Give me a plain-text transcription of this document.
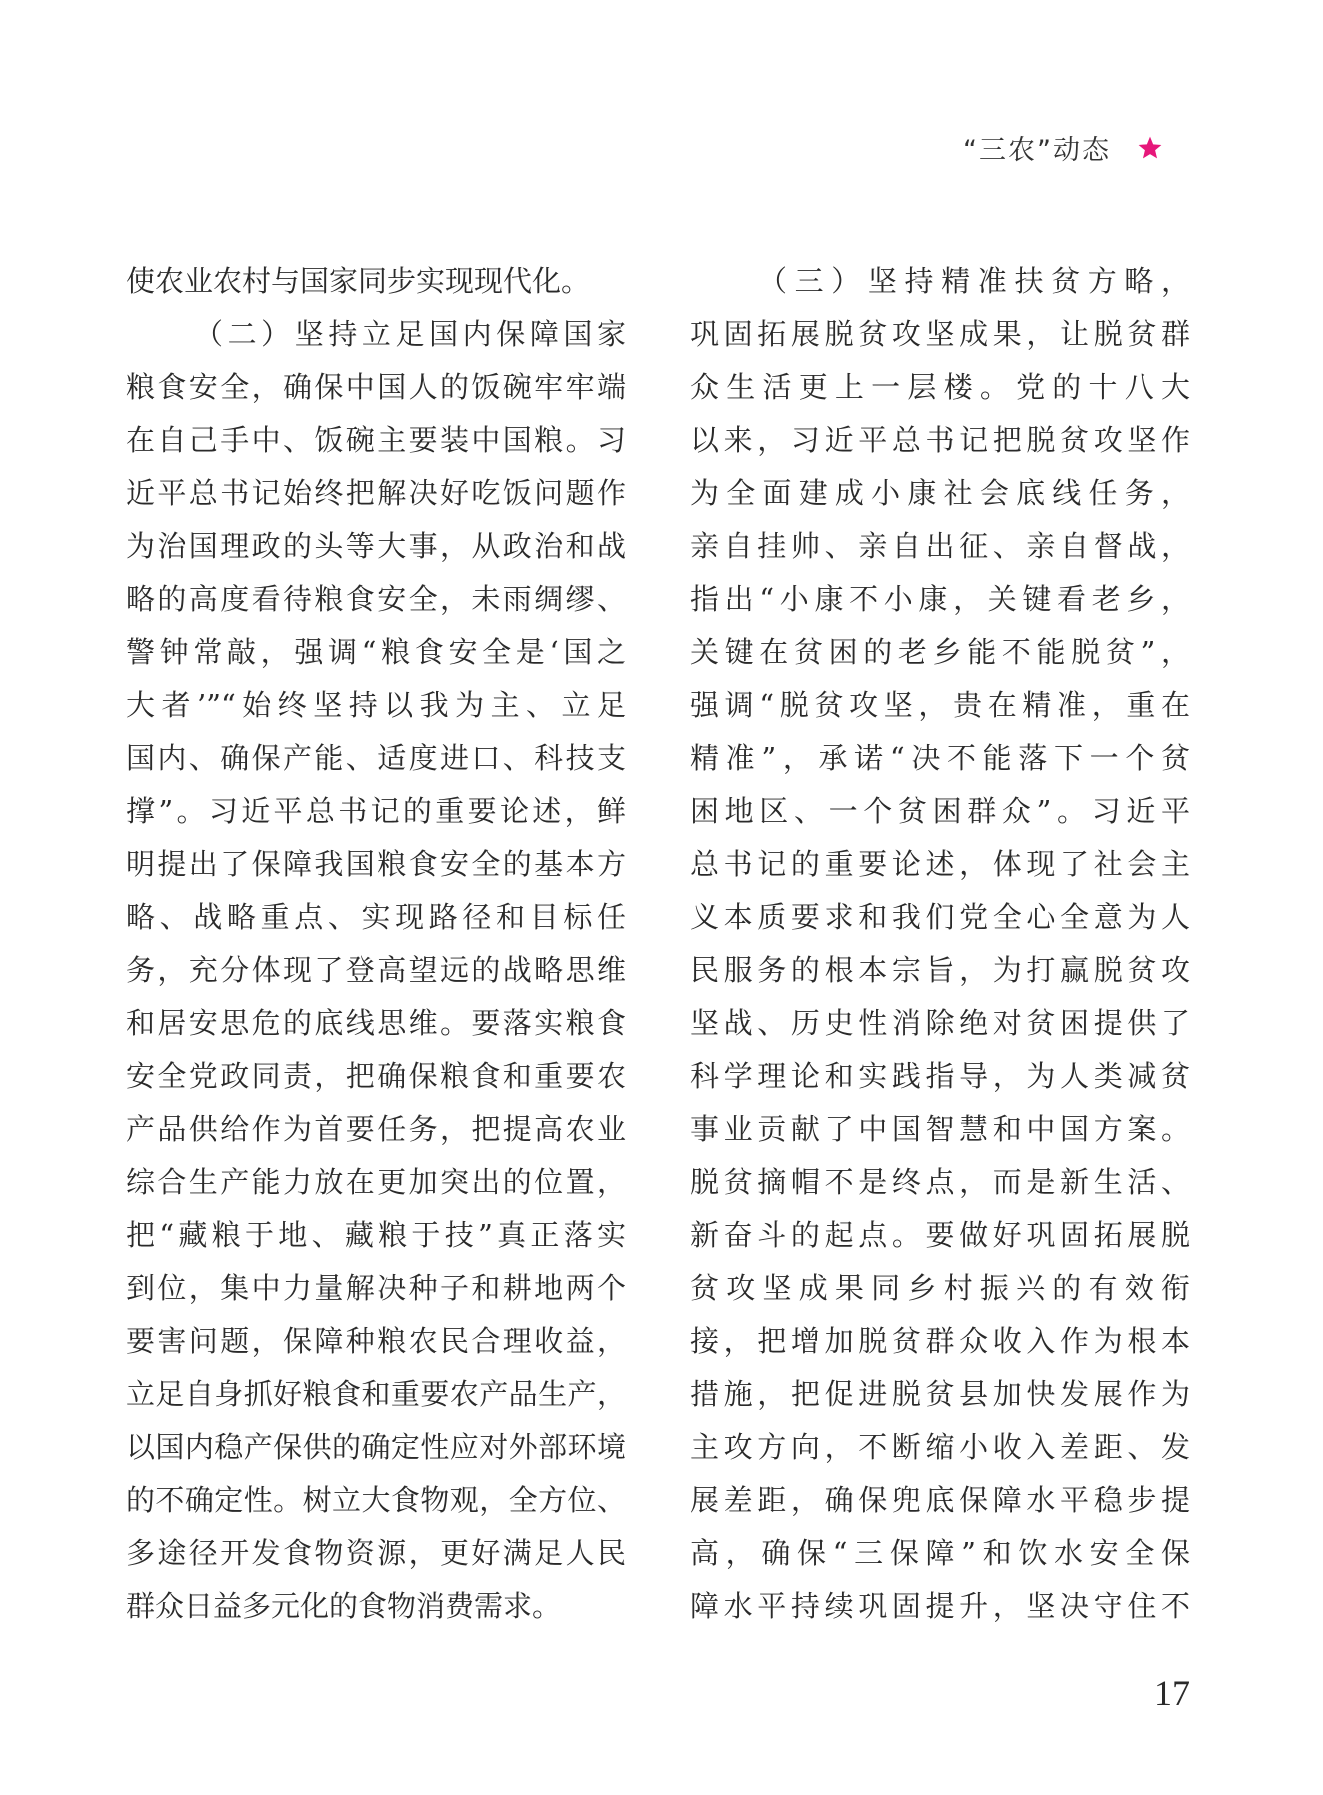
“三农”动态
使农业农村与国家同步实现现代化。
（二）坚持立足国内保障国家
粮食安全，确保中国人的饭碗牢牢端
在自己手中、饭碗主要装中国粮。习
近平总书记始终把解决好吃饭问题作
为治国理政的头等大事，从政治和战
略的高度看待粮食安全，未雨绸缪、
警钟常敲，强调“粮食安全是‘国之
大者’”“始终坚持以我为主、立足
国内、确保产能、适度进口、科技支
撑”。习近平总书记的重要论述，鲜
明提出了保障我国粮食安全的基本方
略、战略重点、实现路径和目标任
务，充分体现了登高望远的战略思维
和居安思危的底线思维。要落实粮食
安全党政同责，把确保粮食和重要农
产品供给作为首要任务，把提高农业
综合生产能力放在更加突出的位置，
把“藏粮于地、藏粮于技”真正落实
到位，集中力量解决种子和耕地两个
要害问题，保障种粮农民合理收益，
立足自身抓好粮食和重要农产品生产，
以国内稳产保供的确定性应对外部环境
的不确定性。树立大食物观，全方位、
多途径开发食物资源，更好满足人民
群众日益多元化的食物消费需求。
（三）坚持精准扶贫方略，
巩固拓展脱贫攻坚成果，让脱贫群
众生活更上一层楼。党的十八大
以来，习近平总书记把脱贫攻坚作
为全面建成小康社会底线任务，
亲自挂帅、亲自出征、亲自督战，
指出“小康不小康，关键看老乡，
关键在贫困的老乡能不能脱贫”，
强调“脱贫攻坚，贵在精准，重在
精准”，承诺“决不能落下一个贫
困地区、一个贫困群众”。习近平
总书记的重要论述，体现了社会主
义本质要求和我们党全心全意为人
民服务的根本宗旨，为打赢脱贫攻
坚战、历史性消除绝对贫困提供了
科学理论和实践指导，为人类减贫
事业贡献了中国智慧和中国方案。
脱贫摘帽不是终点，而是新生活、
新奋斗的起点。要做好巩固拓展脱
贫攻坚成果同乡村振兴的有效衔
接，把增加脱贫群众收入作为根本
措施，把促进脱贫县加快发展作为
主攻方向，不断缩小收入差距、发
展差距，确保兜底保障水平稳步提
高，确保“三保障”和饮水安全保
障水平持续巩固提升，坚决守住不
17
